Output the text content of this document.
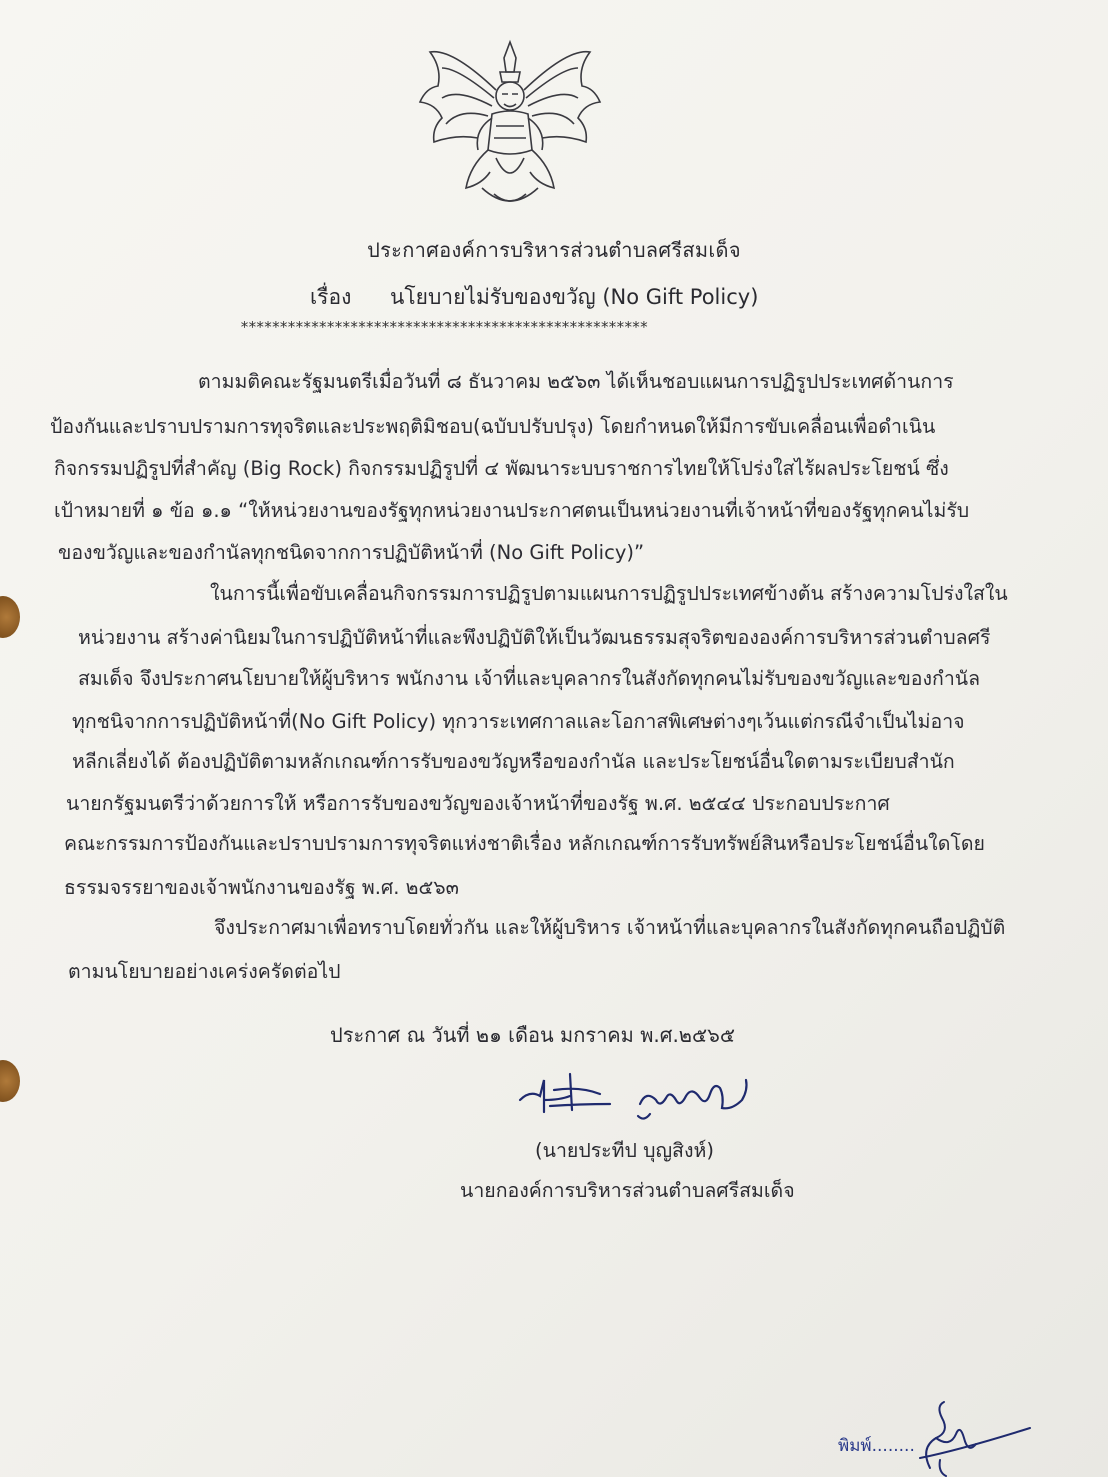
ประกาศองค์การบริหารส่วนตำบลศรีสมเด็จ
เรื่อง นโยบายไม่รับของขวัญ (No Gift Policy)
****************************************************
ตามมติคณะรัฐมนตรีเมื่อวันที่ ๘ ธันวาคม ๒๕๖๓ ได้เห็นชอบแผนการปฏิรูปประเทศด้านการ
ป้องกันและปราบปรามการทุจริตและประพฤติมิชอบ(ฉบับปรับปรุง) โดยกำหนดให้มีการขับเคลื่อนเพื่อดำเนิน
กิจกรรมปฏิรูปที่สำคัญ (Big Rock) กิจกรรมปฏิรูปที่ ๔ พัฒนาระบบราชการไทยให้โปร่งใสไร้ผลประโยชน์ ซึ่ง
เป้าหมายที่ ๑ ข้อ ๑.๑ “ให้หน่วยงานของรัฐทุกหน่วยงานประกาศตนเป็นหน่วยงานที่เจ้าหน้าที่ของรัฐทุกคนไม่รับ
ของขวัญและของกำนัลทุกชนิดจากการปฏิบัติหน้าที่ (No Gift Policy)”
ในการนี้เพื่อขับเคลื่อนกิจกรรมการปฏิรูปตามแผนการปฏิรูปประเทศข้างต้น สร้างความโปร่งใสใน
หน่วยงาน สร้างค่านิยมในการปฏิบัติหน้าที่และพึงปฏิบัติให้เป็นวัฒนธรรมสุจริตขององค์การบริหารส่วนตำบลศรี
สมเด็จ จึงประกาศนโยบายให้ผู้บริหาร พนักงาน เจ้าที่และบุคลากรในสังกัดทุกคนไม่รับของขวัญและของกำนัล
ทุกชนิจากการปฏิบัติหน้าที่(No Gift Policy) ทุกวาระเทศกาลและโอกาสพิเศษต่างๆเว้นแต่กรณีจำเป็นไม่อาจ
หลีกเลี่ยงได้ ต้องปฏิบัติตามหลักเกณฑ์การรับของขวัญหรือของกำนัล และประโยชน์อื่นใดตามระเบียบสำนัก
นายกรัฐมนตรีว่าด้วยการให้ หรือการรับของขวัญของเจ้าหน้าที่ของรัฐ พ.ศ. ๒๕๔๔ ประกอบประกาศ
คณะกรรมการป้องกันและปราบปรามการทุจริตแห่งชาติเรื่อง หลักเกณฑ์การรับทรัพย์สินหรือประโยชน์อื่นใดโดย
ธรรมจรรยาของเจ้าพนักงานของรัฐ พ.ศ. ๒๕๖๓
จึงประกาศมาเพื่อทราบโดยทั่วกัน และให้ผู้บริหาร เจ้าหน้าที่และบุคลากรในสังกัดทุกคนถือปฏิบัติ
ตามนโยบายอย่างเคร่งครัดต่อไป
ประกาศ ณ วันที่ ๒๑ เดือน มกราคม พ.ศ.๒๕๖๕
(นายประทีป บุญสิงห์)
นายกองค์การบริหารส่วนตำบลศรีสมเด็จ
พิมพ์........
